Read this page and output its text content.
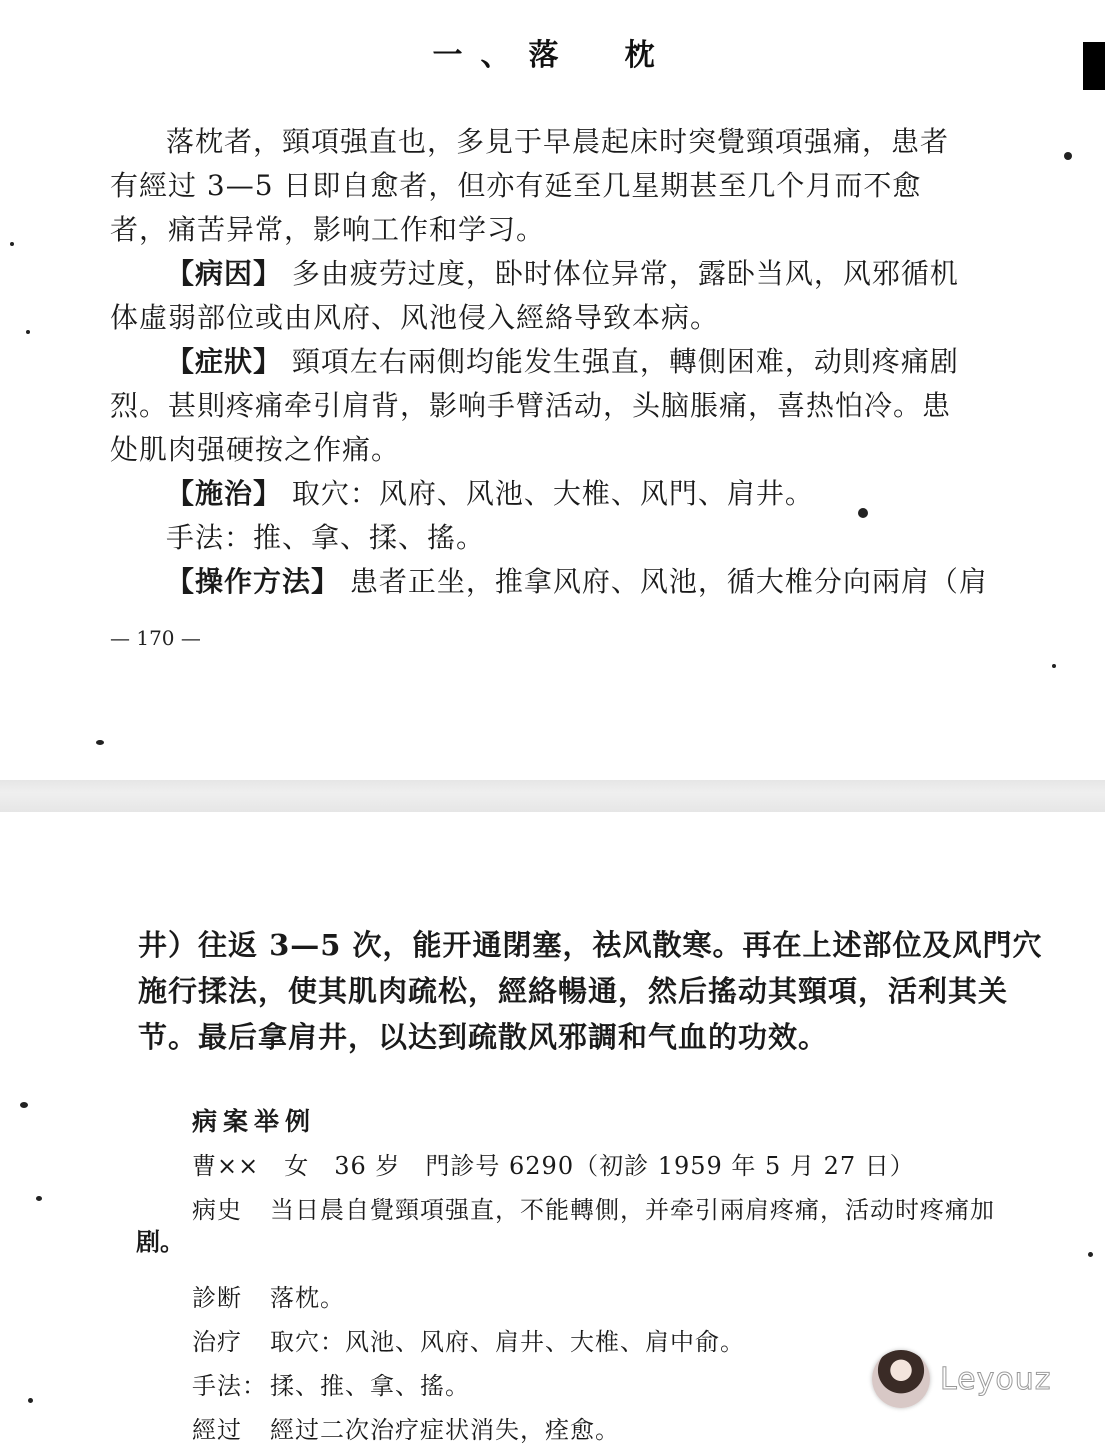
一、落　枕
落枕者，頸項强直也，多見于早晨起床时突覺頸項强痛，患者
有經过 3—5 日即自愈者，但亦有延至几星期甚至几个月而不愈
者，痛苦异常，影响工作和学习。
【病因】 多由疲劳过度，卧时体位异常，露卧当风，风邪循机
体虛弱部位或由风府、风池侵入經絡导致本病。
【症狀】 頸項左右兩側均能发生强直，轉側困难，动則疼痛剧
烈。甚則疼痛牵引肩背，影响手臂活动，头脑脹痛，喜热怕冷。患
处肌肉强硬按之作痛。
【施治】 取穴：风府、风池、大椎、风門、肩井。
手法：推、拿、揉、搖。
【操作方法】 患者正坐，推拿风府、风池，循大椎分向兩肩（肩
— 170 —
井）往返 3—5 次，能开通閉塞，祛风散寒。再在上述部位及风門穴
施行揉法，使其肌肉疏松，經絡暢通，然后搖动其頸項，活利其关
节。最后拿肩井，以达到疏散风邪調和气血的功效。
病案举例
曹××　女　36 岁　門診号 6290（初診 1959 年 5 月 27 日）
病史 当日晨自覺頸項强直，不能轉側，并牵引兩肩疼痛，活动时疼痛加
診断 落枕。
治疗 取穴：风池、风府、肩井、大椎、肩中俞。
手法： 揉、推、拿、搖。
經过 經过二次治疗症状消失，痊愈。
剧。
Leyouz
